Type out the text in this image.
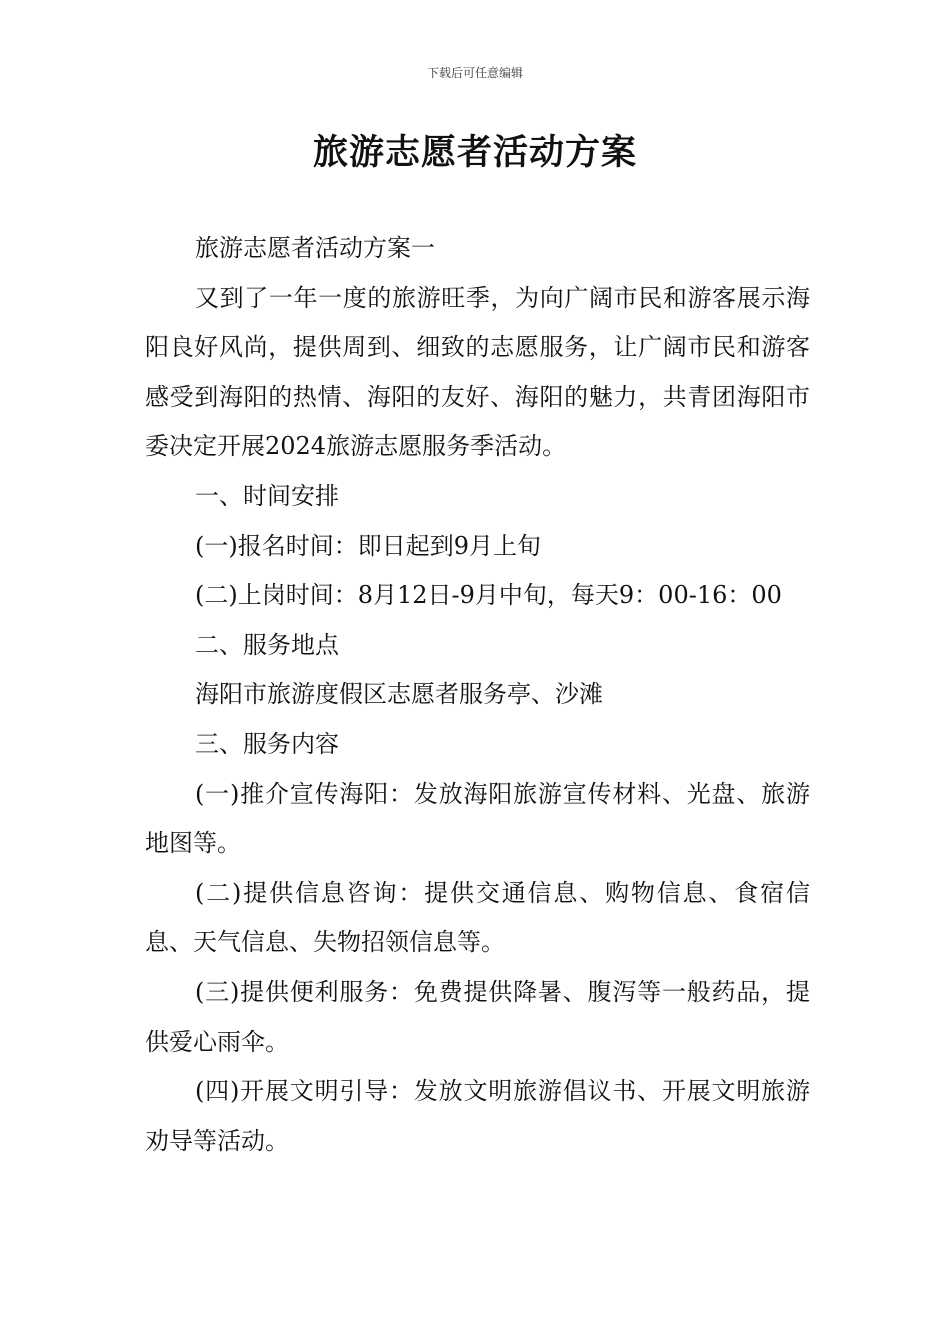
下载后可任意编辑
旅游志愿者活动方案

旅游志愿者活动方案一

又到了一年一度的旅游旺季，为向广阔市民和游客展示海阳良好风尚，提供周到、细致的志愿服务，让广阔市民和游客感受到海阳的热情、海阳的友好、海阳的魅力，共青团海阳市委决定开展2024旅游志愿服务季活动。

一、时间安排

(一)报名时间：即日起到9月上旬

(二)上岗时间：8月12日-9月中旬，每天9：00-16：00

二、服务地点

海阳市旅游度假区志愿者服务亭、沙滩

三、服务内容

(一)推介宣传海阳：发放海阳旅游宣传材料、光盘、旅游地图等。

(二)提供信息咨询：提供交通信息、购物信息、食宿信息、天气信息、失物招领信息等。

(三)提供便利服务：免费提供降暑、腹泻等一般药品，提供爱心雨伞。

(四)开展文明引导：发放文明旅游倡议书、开展文明旅游劝导等活动。
